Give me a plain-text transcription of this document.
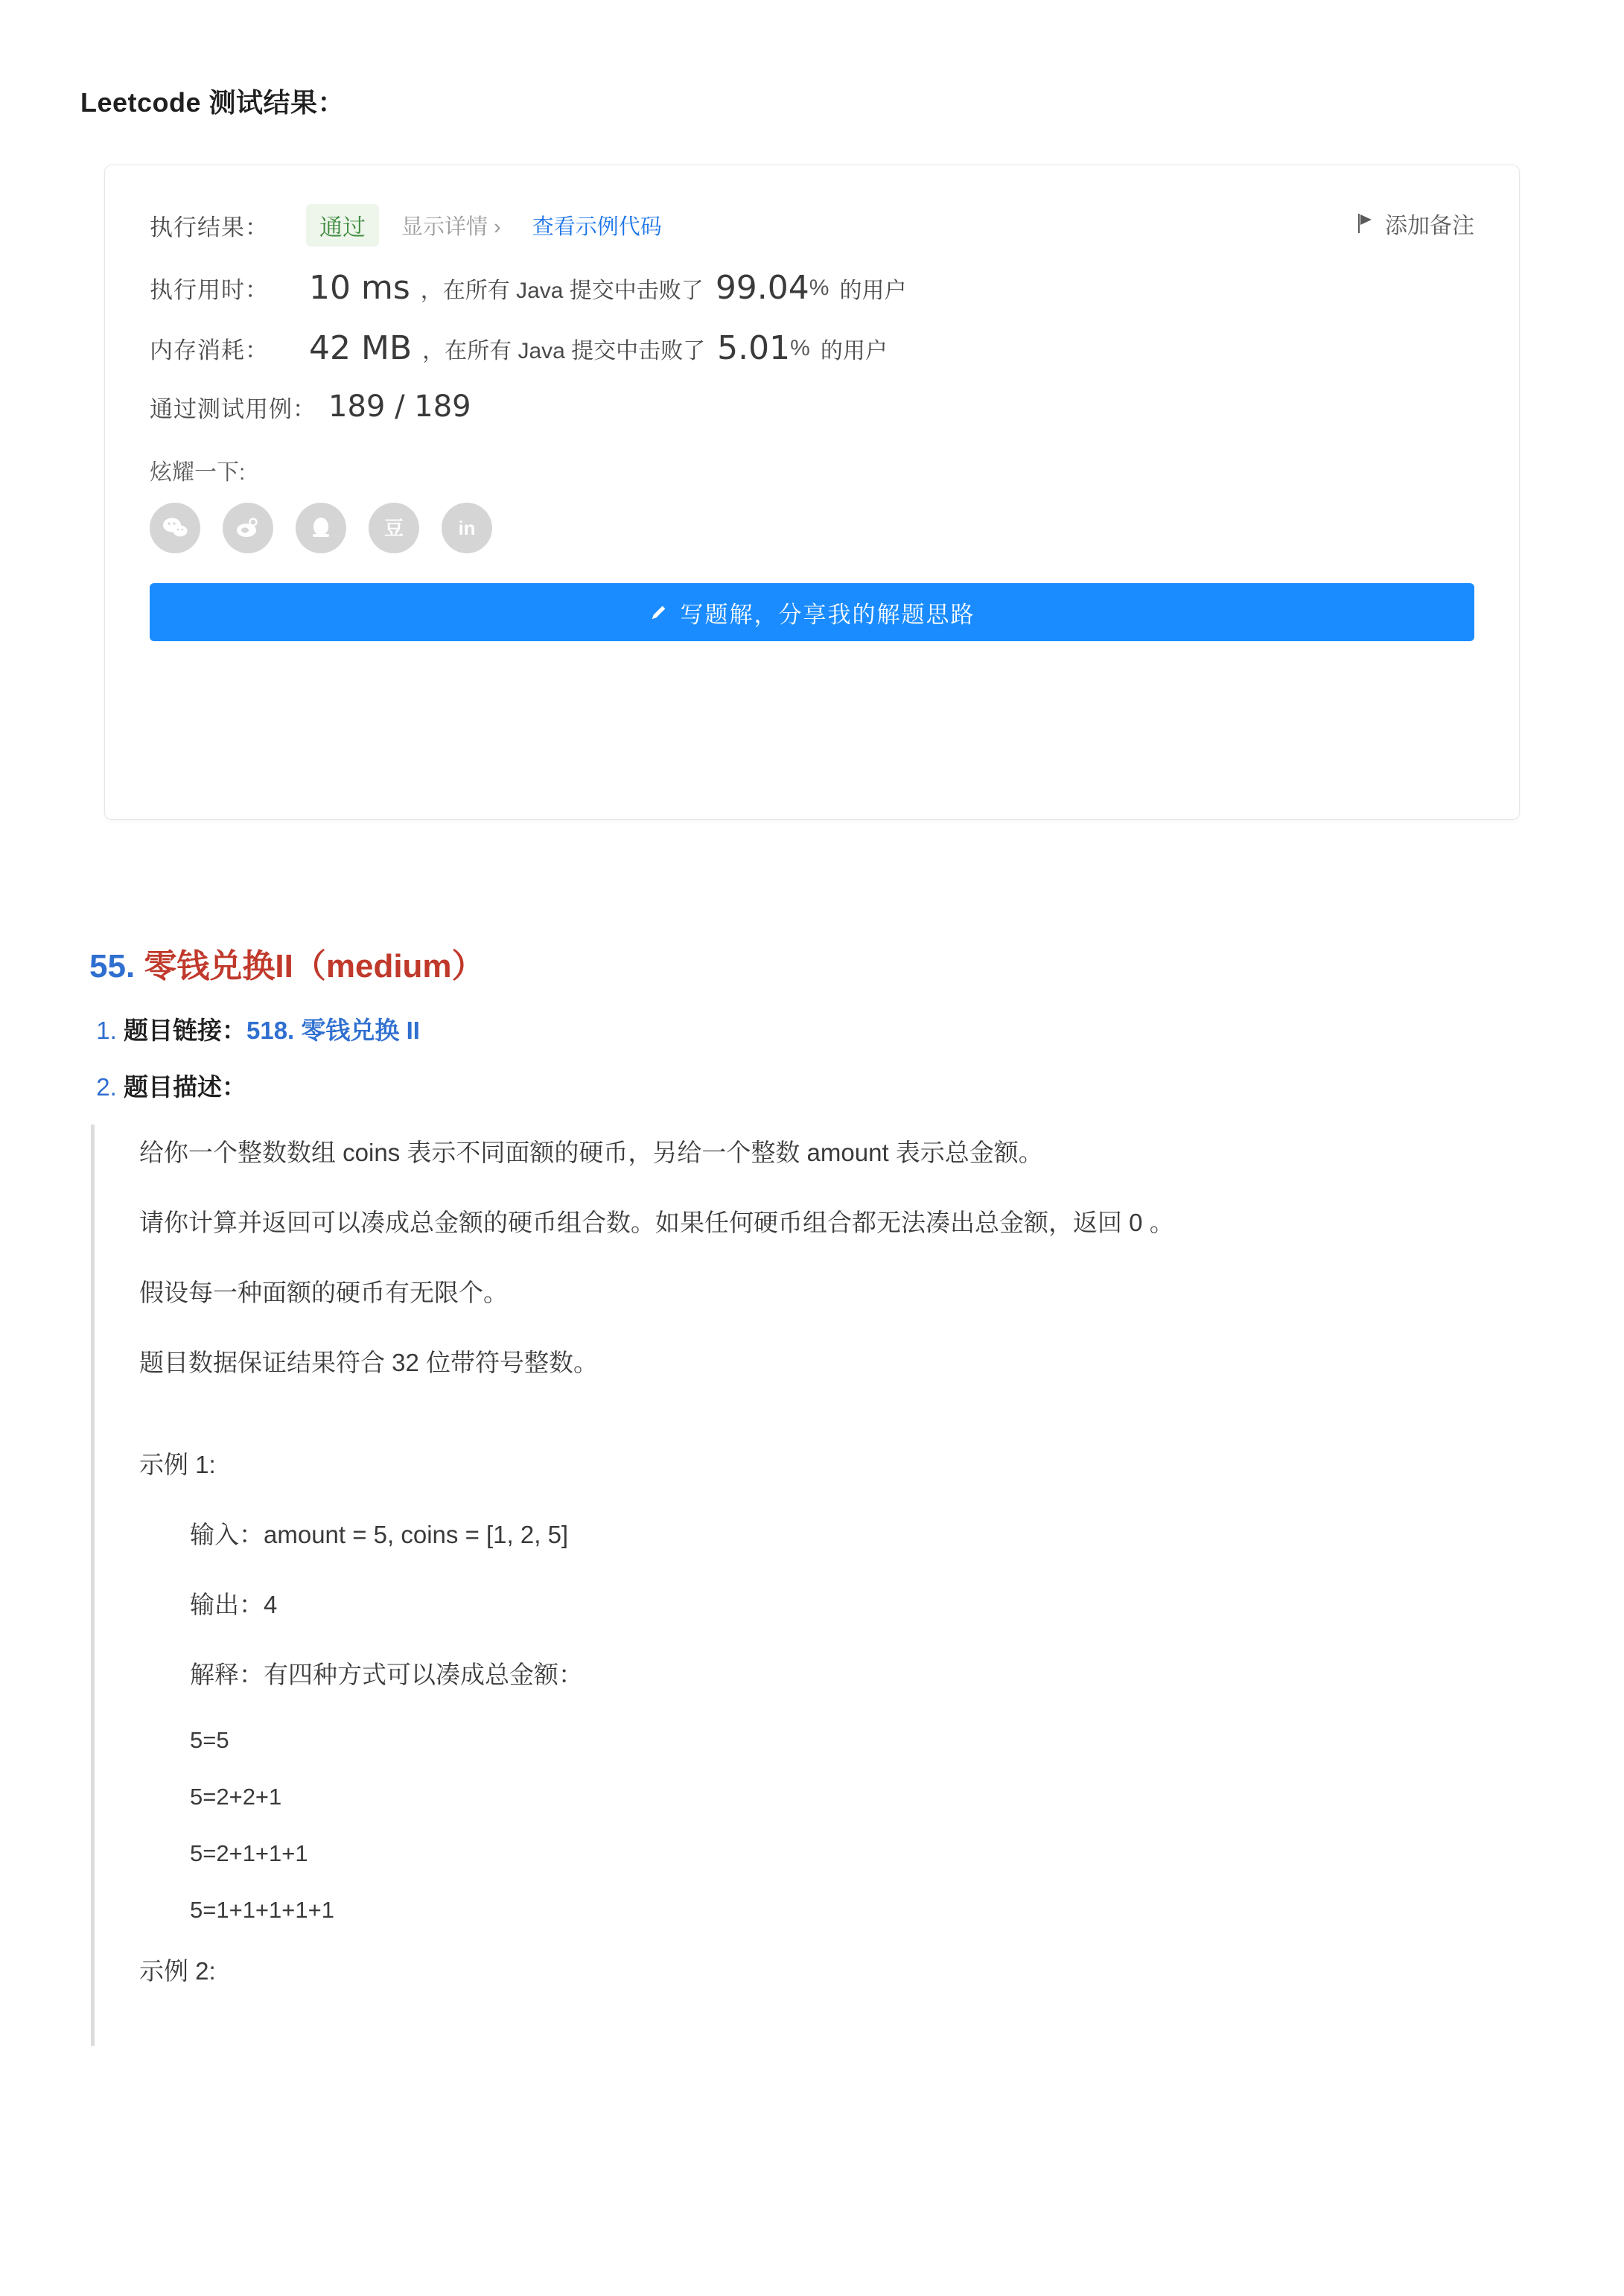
Leetcode 测试结果：
添加备注
执行结果：	通过	显示详情 › 查看示例代码
执行用时：	10 ms ，在所有 Java 提交中击败了 99.04 % 的用户
内存消耗：	42 MB ，在所有 Java 提交中击败了 5.01 % 的用户
通过测试用例： 189 / 189
炫耀一下:
豆	in
写题解，分享我的解题思路
55. 零钱兑换II（medium）
1. 题目链接：518. 零钱兑换 II
2. 题目描述：

给你一个整数数组 coins 表示不同面额的硬币，另给一个整数 amount 表示总金额。

请你计算并返回可以凑成总金额的硬币组合数。如果任何硬币组合都无法凑出总金额，返回 0 。

假设每一种面额的硬币有无限个。

题目数据保证结果符合 32 位带符号整数。

示例 1:

输入：amount = 5, coins = [1, 2, 5]

输出：4

解释：有四种方式可以凑成总金额：

5=5
5=2+2+1
5=2+1+1+1
5=1+1+1+1+1

示例 2:
